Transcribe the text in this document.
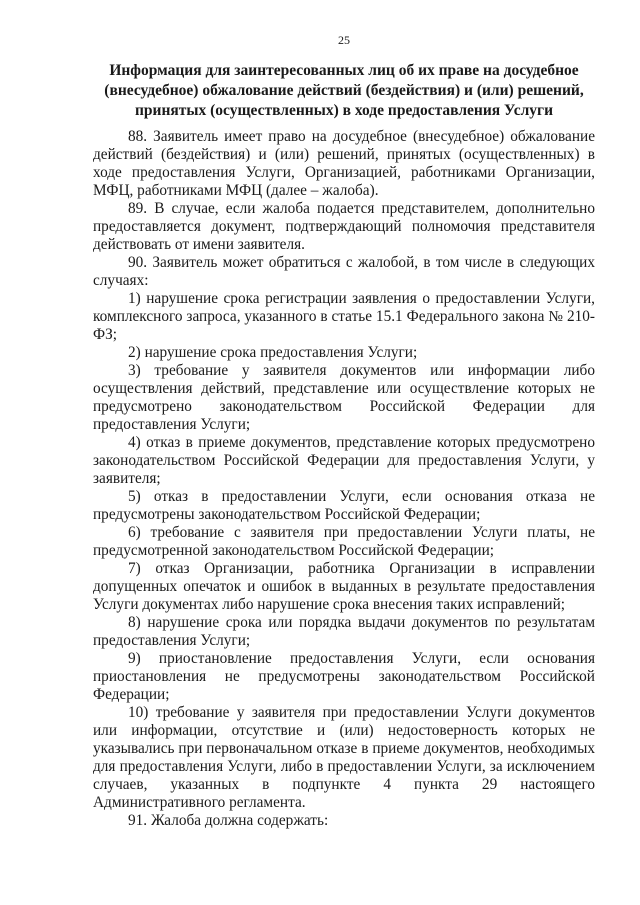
25
Информация для заинтересованных лиц об их праве на досудебное (внесудебное) обжалование действий (бездействия) и (или) решений, принятых (осуществленных) в ходе предоставления Услуги

88. Заявитель имеет право на досудебное (внесудебное) обжалование действий (бездействия) и (или) решений, принятых (осуществленных) в ходе предоставления Услуги, Организацией, работниками Организации, МФЦ, работниками МФЦ (далее – жалоба).

89. В случае, если жалоба подается представителем, дополнительно предоставляется документ, подтверждающий полномочия представителя действовать от имени заявителя.

90. Заявитель может обратиться с жалобой, в том числе в следующих случаях:

1) нарушение срока регистрации заявления о предоставлении Услуги, комплексного запроса, указанного в статье 15.1 Федерального закона № 210-ФЗ;

2) нарушение срока предоставления Услуги;

3) требование у заявителя документов или информации либо осуществления действий, представление или осуществление которых не предусмотрено законодательством Российской Федерации для предоставления Услуги;

4) отказ в приеме документов, представление которых предусмотрено законодательством Российской Федерации для предоставления Услуги, у заявителя;

5) отказ в предоставлении Услуги, если основания отказа не предусмотрены законодательством Российской Федерации;

6) требование с заявителя при предоставлении Услуги платы, не предусмотренной законодательством Российской Федерации;

7) отказ Организации, работника Организации в исправлении допущенных опечаток и ошибок в выданных в результате предоставления Услуги документах либо нарушение срока внесения таких исправлений;

8) нарушение срока или порядка выдачи документов по результатам предоставления Услуги;

9) приостановление предоставления Услуги, если основания приостановления не предусмотрены законодательством Российской Федерации;

10) требование у заявителя при предоставлении Услуги документов или информации, отсутствие и (или) недостоверность которых не указывались при первоначальном отказе в приеме документов, необходимых для предоставления Услуги, либо в предоставлении Услуги, за исключением случаев, указанных в подпункте 4 пункта 29 настоящего Административного регламента.

91. Жалоба должна содержать:
